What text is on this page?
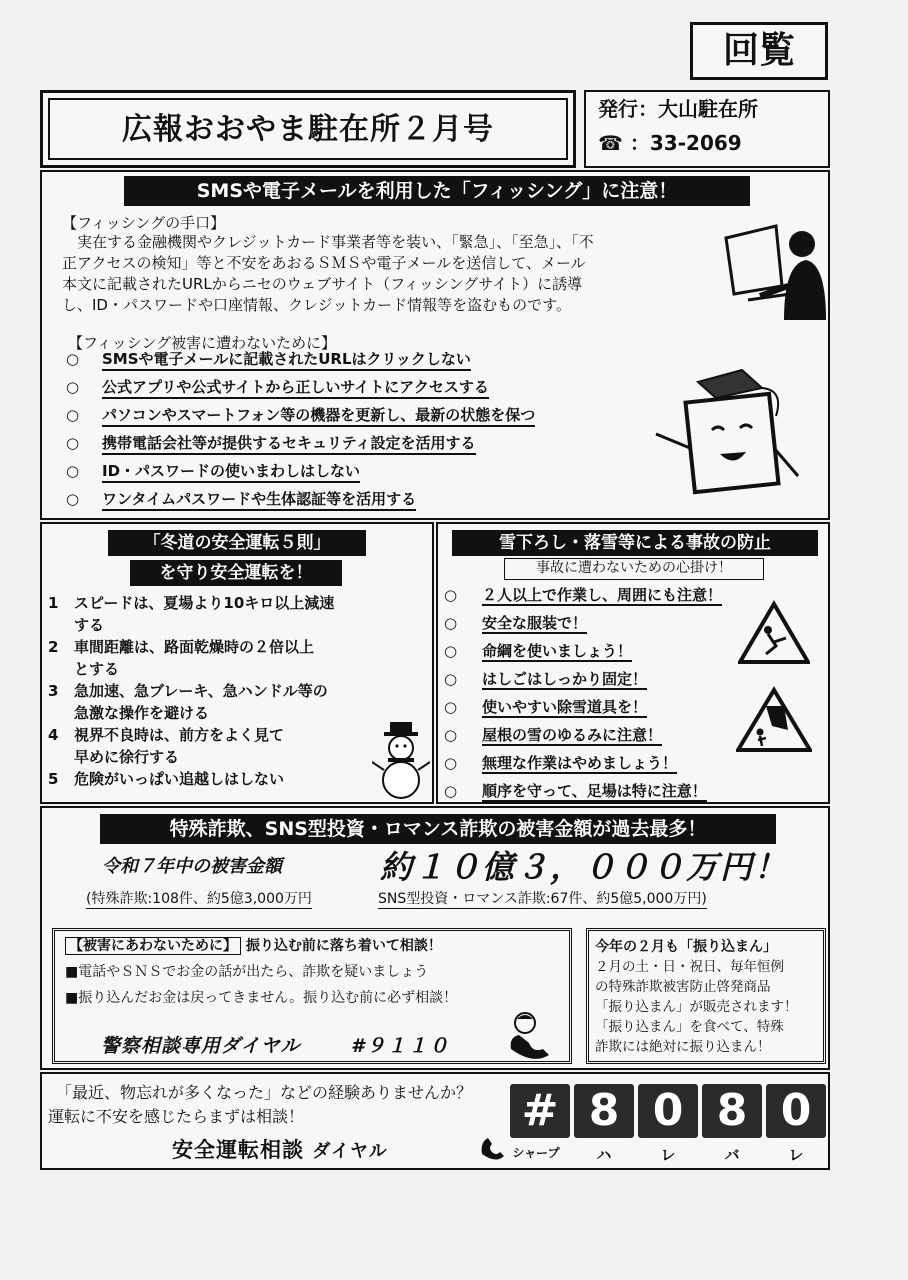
回覧
広報おおやま駐在所２月号
発行：大山駐在所
☎ ：33-2069
SMSや電子メールを利用した「フィッシング」に注意！
【フィッシングの手口】
　実在する金融機関やクレジットカード事業者等を装い、「緊急」、「至急」、「不
正アクセスの検知」等と不安をあおるＳＭＳや電子メールを送信して、メール
本文に記載されたURLからニセのウェブサイト（フィッシングサイト）に誘導
し、ID・パスワードや口座情報、クレジットカード情報等を盗むものです。
【フィッシング被害に遭わないために】
○ SMSや電子メールに記載されたURLはクリックしない
○ 公式アプリや公式サイトから正しいサイトにアクセスする
○ パソコンやスマートフォン等の機器を更新し、最新の状態を保つ
○ 携帯電話会社等が提供するセキュリティ設定を活用する
○ ID・パスワードの使いまわしはしない
○ ワンタイムパスワードや生体認証等を活用する
「冬道の安全運転５則」
を守り安全運転を！
1 スピードは、夏場より10キロ以上減速
する
2 車間距離は、路面乾燥時の２倍以上
とする
3 急加速、急ブレーキ、急ハンドル等の
急激な操作を避ける
4 視界不良時は、前方をよく見て
早めに徐行する
5 危険がいっぱい追越しはしない
雪下ろし・落雪等による事故の防止
事故に遭わないための心掛け！
○ ２人以上で作業し、周囲にも注意！
○ 安全な服装で！
○ 命綱を使いましょう！
○ はしごはしっかり固定！
○ 使いやすい除雪道具を！
○ 屋根の雪のゆるみに注意！
○ 無理な作業はやめましょう！
○ 順序を守って、足場は特に注意！
特殊詐欺、SNS型投資・ロマンス詐欺の被害金額が過去最多！
令和７年中の被害金額	約１０億３，０００万円！
(特殊詐欺:108件、約5億3,000万円	SNS型投資・ロマンス詐欺:67件、約5億5,000万円)
【被害にあわないために】 振り込む前に落ち着いて相談！
■電話やＳＮＳでお金の話が出たら、詐欺を疑いましょう
■振り込んだお金は戻ってきません。振り込む前に必ず相談！
警察相談専用ダイヤル	#９１１０
今年の２月も「振り込まん」
２月の土・日・祝日、毎年恒例
の特殊詐欺被害防止啓発商品
「振り込まん」が販売されます！
「振り込まん」を食べて、特殊
詐欺には絶対に振り込まん！
「最近、物忘れが多くなった」などの経験ありませんか？
運転に不安を感じたらまずは相談！
安全運転相談 ダイヤル
# 8 0 8 0
シャープ	ハ	レ	バ	レ
